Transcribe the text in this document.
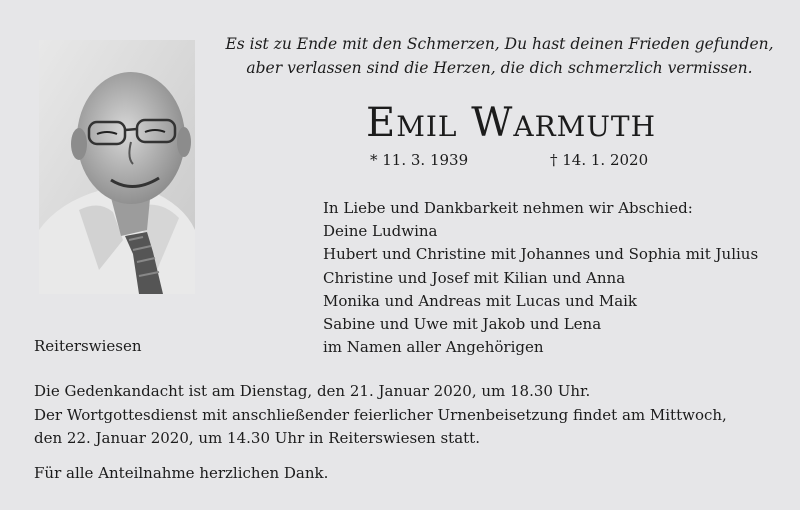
Es ist zu Ende mit den Schmerzen, Du hast deinen Frieden gefunden,
aber verlassen sind die Herzen, die dich schmerzlich vermissen.
Emil Warmuth
* 11. 3. 1939	† 14. 1. 2020
In Liebe und Dankbarkeit nehmen wir Abschied:
Deine Ludwina
Hubert und Christine mit Johannes und Sophia mit Julius
Christine und Josef mit Kilian und Anna
Monika und Andreas mit Lucas und Maik
Sabine und Uwe mit Jakob und Lena
im Namen aller Angehörigen
Reiterswiesen
Die Gedenkandacht ist am Dienstag, den 21. Januar 2020, um 18.30 Uhr.
Der Wortgottesdienst mit anschließender feierlicher Urnenbeisetzung findet am Mittwoch,
den 22. Januar 2020, um 14.30 Uhr in Reiterswiesen statt.
Für alle Anteilnahme herzlichen Dank.
